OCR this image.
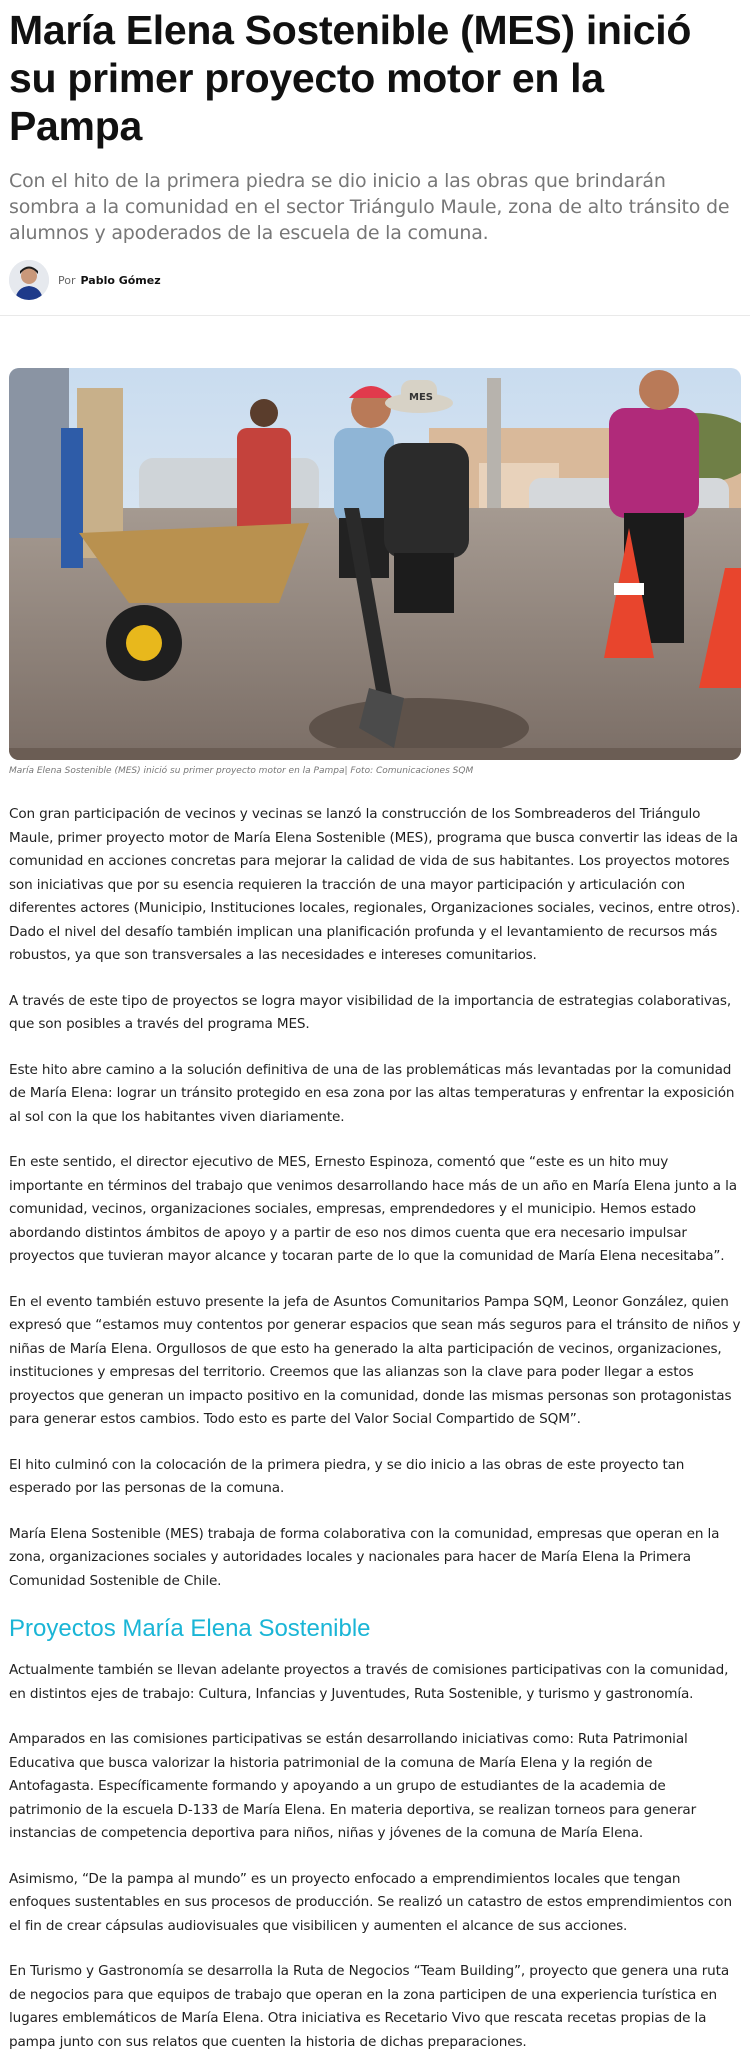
María Elena Sostenible (MES) inició su primer proyecto motor en la Pampa

Con el hito de la primera piedra se dio inicio a las obras que brindarán sombra a la comunidad en el sector Triángulo Maule, zona de alto tránsito de alumnos y apoderados de la escuela de la comuna.

Por Pablo Gómez
MES
María Elena Sostenible (MES) inició su primer proyecto motor en la Pampa| Foto: Comunicaciones SQM

Con gran participación de vecinos y vecinas se lanzó la construcción de los Sombreaderos del Triángulo Maule, primer proyecto motor de María Elena Sostenible (MES), programa que busca convertir las ideas de la comunidad en acciones concretas para mejorar la calidad de vida de sus habitantes. Los proyectos motores son iniciativas que por su esencia requieren la tracción de una mayor participación y articulación con diferentes actores (Municipio, Instituciones locales, regionales, Organizaciones sociales, vecinos, entre otros). Dado el nivel del desafío también implican una planificación profunda y el levantamiento de recursos más robustos, ya que son transversales a las necesidades e intereses comunitarios.

A través de este tipo de proyectos se logra mayor visibilidad de la importancia de estrategias colaborativas, que son posibles a través del programa MES.

Este hito abre camino a la solución definitiva de una de las problemáticas más levantadas por la comunidad de María Elena: lograr un tránsito protegido en esa zona por las altas temperaturas y enfrentar la exposición al sol con la que los habitantes viven diariamente.

En este sentido, el director ejecutivo de MES, Ernesto Espinoza, comentó que “este es un hito muy importante en términos del trabajo que venimos desarrollando hace más de un año en María Elena junto a la comunidad, vecinos, organizaciones sociales, empresas, emprendedores y el municipio. Hemos estado abordando distintos ámbitos de apoyo y a partir de eso nos dimos cuenta que era necesario impulsar proyectos que tuvieran mayor alcance y tocaran parte de lo que la comunidad de María Elena necesitaba”.

En el evento también estuvo presente la jefa de Asuntos Comunitarios Pampa SQM, Leonor González, quien expresó que “estamos muy contentos por generar espacios que sean más seguros para el tránsito de niños y niñas de María Elena. Orgullosos de que esto ha generado la alta participación de vecinos, organizaciones, instituciones y empresas del territorio. Creemos que las alianzas son la clave para poder llegar a estos proyectos que generan un impacto positivo en la comunidad, donde las mismas personas son protagonistas para generar estos cambios. Todo esto es parte del Valor Social Compartido de SQM”.

El hito culminó con la colocación de la primera piedra, y se dio inicio a las obras de este proyecto tan esperado por las personas de la comuna.

María Elena Sostenible (MES) trabaja de forma colaborativa con la comunidad, empresas que operan en la zona, organizaciones sociales y autoridades locales y nacionales para hacer de María Elena la Primera Comunidad Sostenible de Chile.

Proyectos María Elena Sostenible

Actualmente también se llevan adelante proyectos a través de comisiones participativas con la comunidad, en distintos ejes de trabajo: Cultura, Infancias y Juventudes, Ruta Sostenible, y turismo y gastronomía.

Amparados en las comisiones participativas se están desarrollando iniciativas como: Ruta Patrimonial Educativa que busca valorizar la historia patrimonial de la comuna de María Elena y la región de Antofagasta. Específicamente formando y apoyando a un grupo de estudiantes de la academia de patrimonio de la escuela D-133 de María Elena. En materia deportiva, se realizan torneos para generar instancias de competencia deportiva para niños, niñas y jóvenes de la comuna de María Elena.

Asimismo, “De la pampa al mundo” es un proyecto enfocado a emprendimientos locales que tengan enfoques sustentables en sus procesos de producción. Se realizó un catastro de estos emprendimientos con el fin de crear cápsulas audiovisuales que visibilicen y aumenten el alcance de sus acciones.

En Turismo y Gastronomía se desarrolla la Ruta de Negocios “Team Building”, proyecto que genera una ruta de negocios para que equipos de trabajo que operan en la zona participen de una experiencia turística en lugares emblemáticos de María Elena. Otra iniciativa es Recetario Vivo que rescata recetas propias de la pampa junto con sus relatos que cuenten la historia de dichas preparaciones.
